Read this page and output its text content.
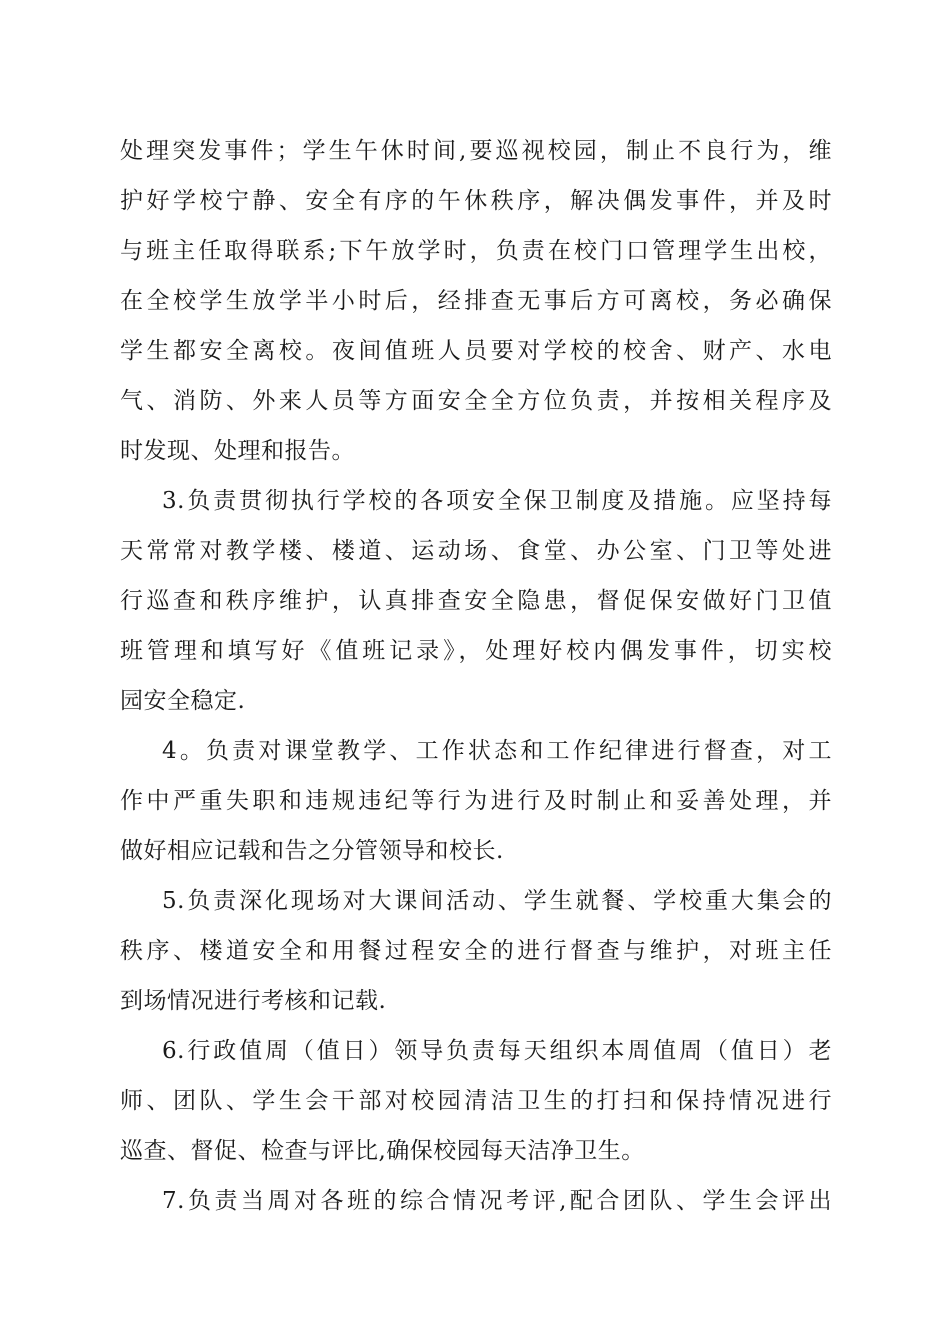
处理突发事件；学生午休时间,要巡视校园，制止不良行为，维
护好学校宁静、安全有序的午休秩序，解决偶发事件，并及时
与班主任取得联系;下午放学时，负责在校门口管理学生出校，
在全校学生放学半小时后，经排查无事后方可离校，务必确保
学生都安全离校。夜间值班人员要对学校的校舍、财产、水电
气、消防、外来人员等方面安全全方位负责，并按相关程序及
时发现、处理和报告。
3.负责贯彻执行学校的各项安全保卫制度及措施。应坚持每
天常常对教学楼、楼道、运动场、食堂、办公室、门卫等处进
行巡查和秩序维护，认真排查安全隐患，督促保安做好门卫值
班管理和填写好《值班记录》，处理好校内偶发事件，切实校
园安全稳定.
4。负责对课堂教学、工作状态和工作纪律进行督查，对工
作中严重失职和违规违纪等行为进行及时制止和妥善处理，并
做好相应记载和告之分管领导和校长.
5.负责深化现场对大课间活动、学生就餐、学校重大集会的
秩序、楼道安全和用餐过程安全的进行督查与维护，对班主任
到场情况进行考核和记载.
6.行政值周（值日）领导负责每天组织本周值周（值日）老
师、团队、学生会干部对校园清洁卫生的打扫和保持情况进行
巡查、督促、检查与评比,确保校园每天洁净卫生。
7.负责当周对各班的综合情况考评,配合团队、学生会评出
